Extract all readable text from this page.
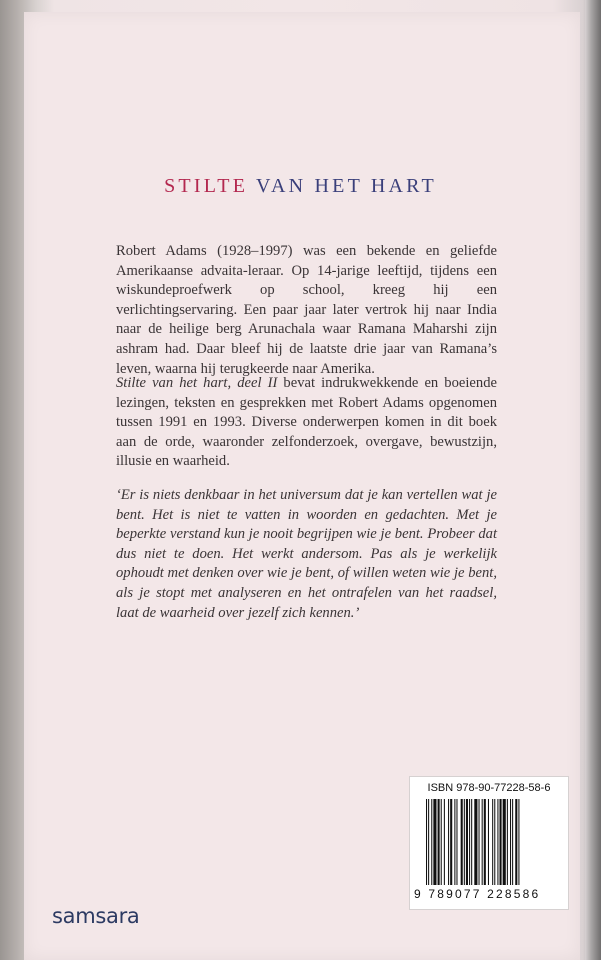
STILTE VAN HET HART

Robert Adams (1928–1997) was een bekende en geliefde Amerikaanse advaita-leraar. Op 14-jarige leeftijd, tijdens een wiskundeproefwerk op school, kreeg hij een verlichtingservaring. Een paar jaar later vertrok hij naar India naar de heilige berg Arunachala waar Ramana Maharshi zijn ashram had. Daar bleef hij de laatste drie jaar van Ramana’s leven, waarna hij terugkeerde naar Amerika.

Stilte van het hart, deel II bevat indrukwekkende en boeiende lezingen, teksten en gesprekken met Robert Adams opgenomen tussen 1991 en 1993. Diverse onderwerpen komen in dit boek aan de orde, waaronder zelfonderzoek, overgave, bewustzijn, illusie en waarheid.

‘Er is niets denkbaar in het universum dat je kan vertellen wat je bent. Het is niet te vatten in woorden en gedachten. Met je beperkte verstand kun je nooit begrijpen wie je bent. Probeer dat dus niet te doen. Het werkt andersom. Pas als je werkelijk ophoudt met denken over wie je bent, of willen weten wie je bent, als je stopt met analyseren en het ontrafelen van het raadsel, laat de waarheid over jezelf zich kennen.’

ISBN 978-90-77228-58-6
9 789077 228586
samsara
